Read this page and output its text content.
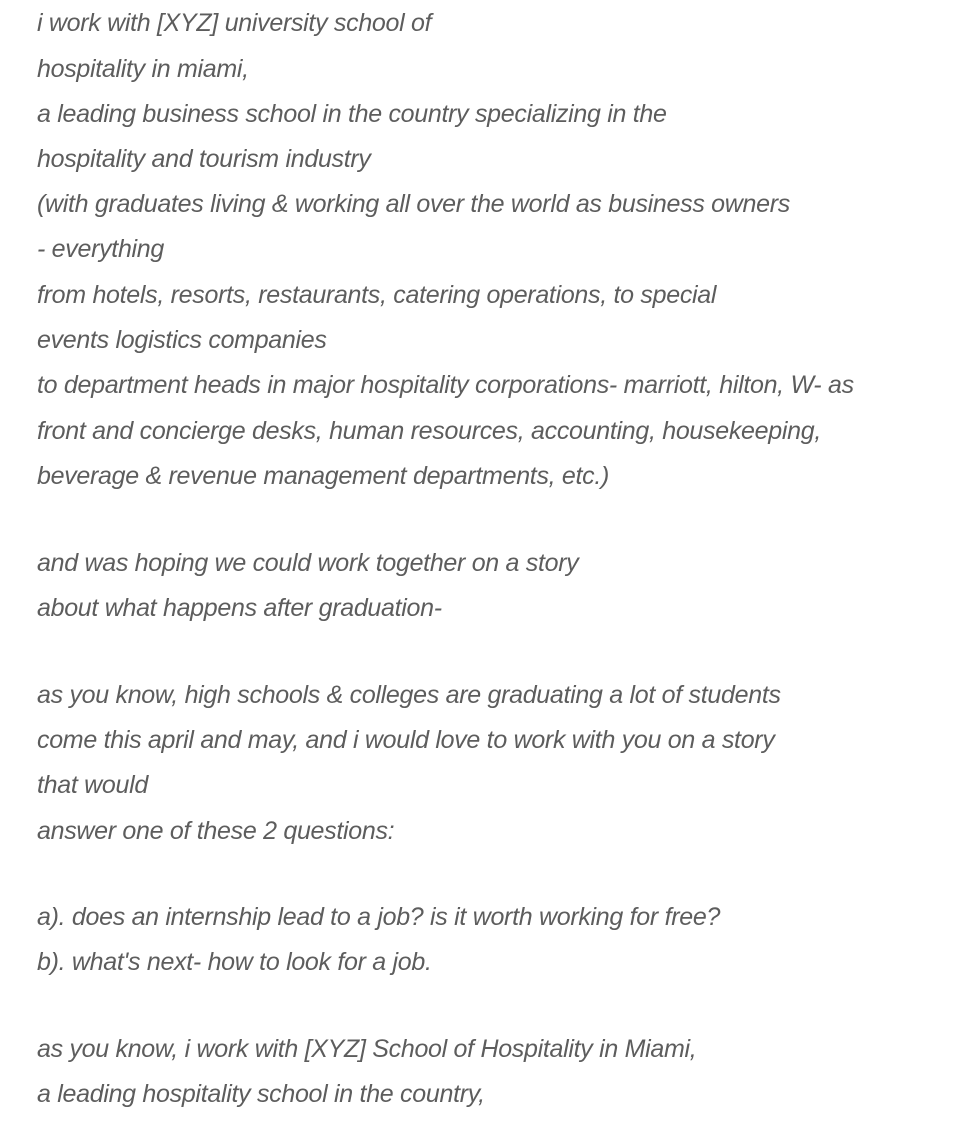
i work with [XYZ] university school of
hospitality in miami,
a leading business school in the country specializing in the
hospitality and tourism industry
(with graduates living & working all over the world as business owners
- everything
from hotels, resorts, restaurants, catering operations, to special
events logistics companies
to department heads in major hospitality corporations- marriott, hilton, W- as
front and concierge desks, human resources, accounting, housekeeping,
beverage & revenue management departments, etc.)
and was hoping we could work together on a story
about what happens after graduation-
as you know, high schools & colleges are graduating a lot of students
come this april and may, and i would love to work with you on a story
that would
answer one of these 2 questions:
a). does an internship lead to a job? is it worth working for free?
b). what's next- how to look for a job.
as you know, i work with [XYZ] School of Hospitality in Miami,
a leading hospitality school in the country,
